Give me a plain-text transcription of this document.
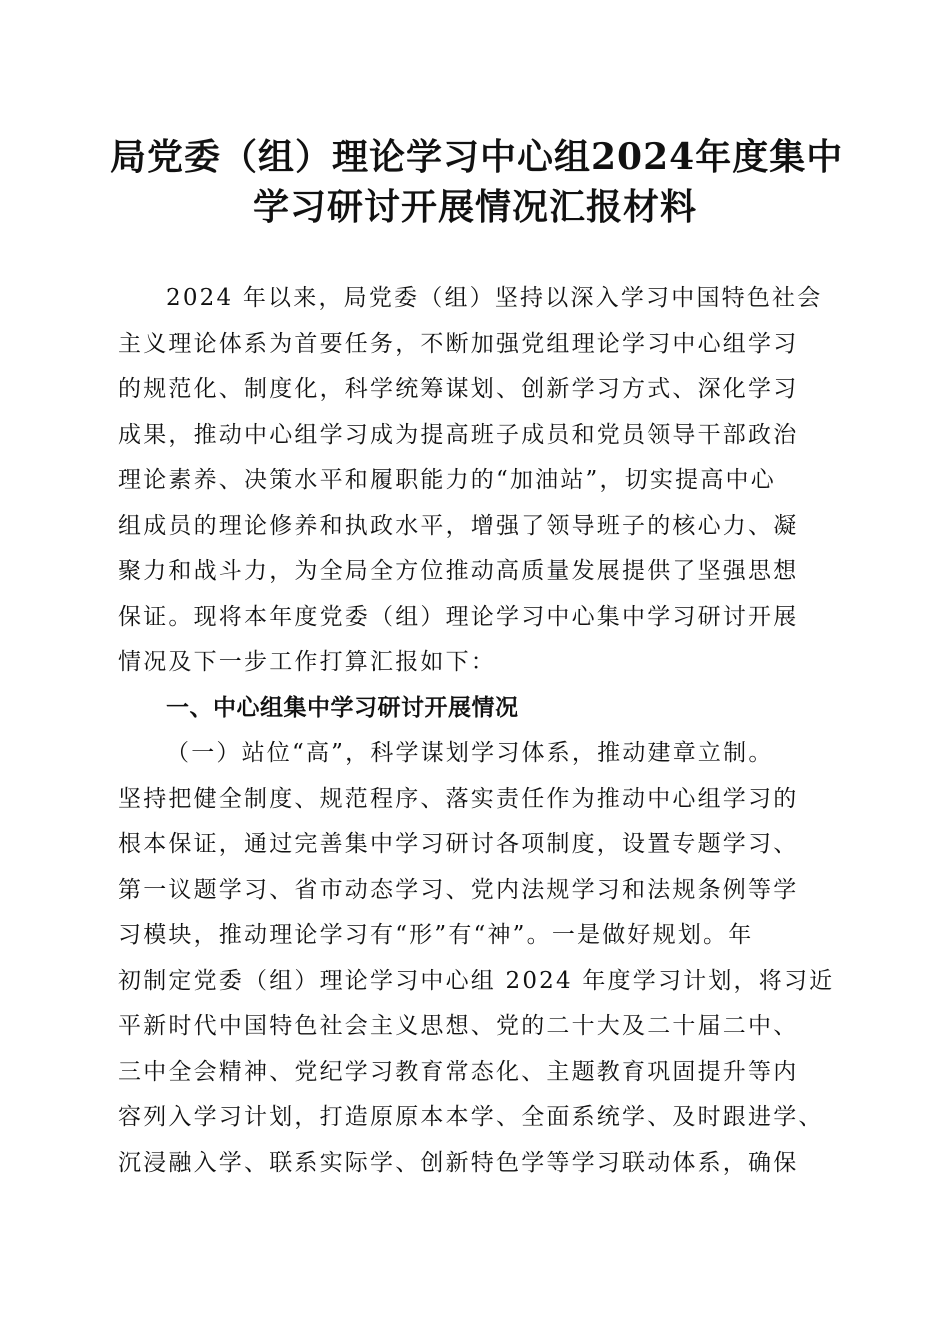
局党委（组）理论学习中心组2024年度集中
学习研讨开展情况汇报材料
2024 年以来，局党委（组）坚持以深入学习中国特色社会
主义理论体系为首要任务，不断加强党组理论学习中心组学习
的规范化、制度化，科学统筹谋划、创新学习方式、深化学习
成果，推动中心组学习成为提高班子成员和党员领导干部政治
理论素养、决策水平和履职能力的“加油站”，切实提高中心
组成员的理论修养和执政水平，增强了领导班子的核心力、凝
聚力和战斗力，为全局全方位推动高质量发展提供了坚强思想
保证。现将本年度党委（组）理论学习中心集中学习研讨开展
情况及下一步工作打算汇报如下：
一、中心组集中学习研讨开展情况
（一）站位“高”，科学谋划学习体系，推动建章立制。
坚持把健全制度、规范程序、落实责任作为推动中心组学习的
根本保证，通过完善集中学习研讨各项制度，设置专题学习、
第一议题学习、省市动态学习、党内法规学习和法规条例等学
习模块，推动理论学习有“形”有“神”。一是做好规划。年
初制定党委（组）理论学习中心组 2024 年度学习计划，将习近
平新时代中国特色社会主义思想、党的二十大及二十届二中、
三中全会精神、党纪学习教育常态化、主题教育巩固提升等内
容列入学习计划，打造原原本本学、全面系统学、及时跟进学、
沉浸融入学、联系实际学、创新特色学等学习联动体系，确保
